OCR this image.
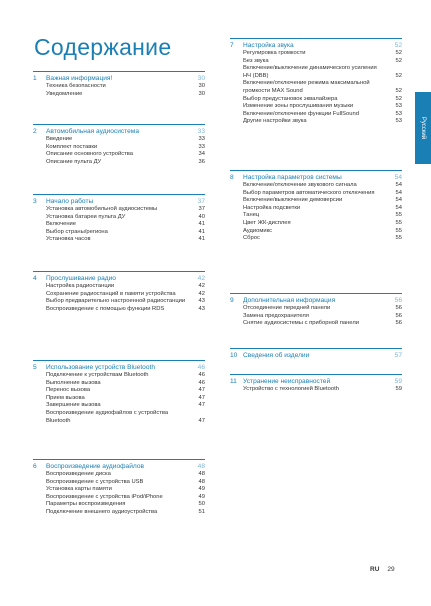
Содержание
1	Важная информация!	30
Техника безопасности	30
Уведомление	30
2	Автомобильная аудиосистема	33
Введение	33
Комплект поставки	33
Описание основного устройства	34
Описание пульта ДУ	36
3	Начало работы	37
Установка автомобильной аудиосистемы	37
Установка батареи пульта ДУ	40
Включение	41
Выбор страны/региона	41
Установка часов	41
4	Прослушивание радио	42
Настройка радиостанции	42
Сохранение радиостанций в памяти устройства	42
Выбор предварительно настроенной радиостанции	43
Воспроизведение с помощью функции RDS	43
5	Использование устройств Bluetooth	46
Подключение к устройствам Bluetooth	46
Выполнение вызова	46
Перенос вызова	47
Прием вызова	47
Завершение вызова	47
Воспроизведение аудиофайлов с устройства Bluetooth	47
6	Воспроизведение аудиофайлов	48
Воспроизведение диска	48
Воспроизведение с устройства USB	48
Установка карты памяти	49
Воспроизведение с устройства iPod/iPhone	49
Параметры воспроизведения	50
Подключение внешнего аудиоустройства	51
7	Настройка звука	52
Регулировка громкости	52
Без звука	52
Включение/выключение динамического усиления НЧ (DBB)	52
Включение/отключение режима максимальной громкости MAX Sound	52
Выбор предустановок эквалайзера	52
Изменение зоны прослушивания музыки	53
Включение/отключение функции FullSound	53
Другие настройки звука	53
8	Настройка параметров системы	54
Включение/отключение звукового сигнала	54
Выбор параметров автоматического отключения	54
Включение/выключение демоверсии	54
Настройка подсветки	54
Танец	55
Цвет ЖК-дисплея	55
Аудиомикс	55
Сброс	55
9	Дополнительная информация	56
Отсоединение передней панели	56
Замена предохранителя	56
Снятие аудиосистемы с приборной панели	56
10 Сведения об изделии	57
11 Устранение неисправностей	59
Устройство с технологией Bluetooth	59
Русский
RU 29
